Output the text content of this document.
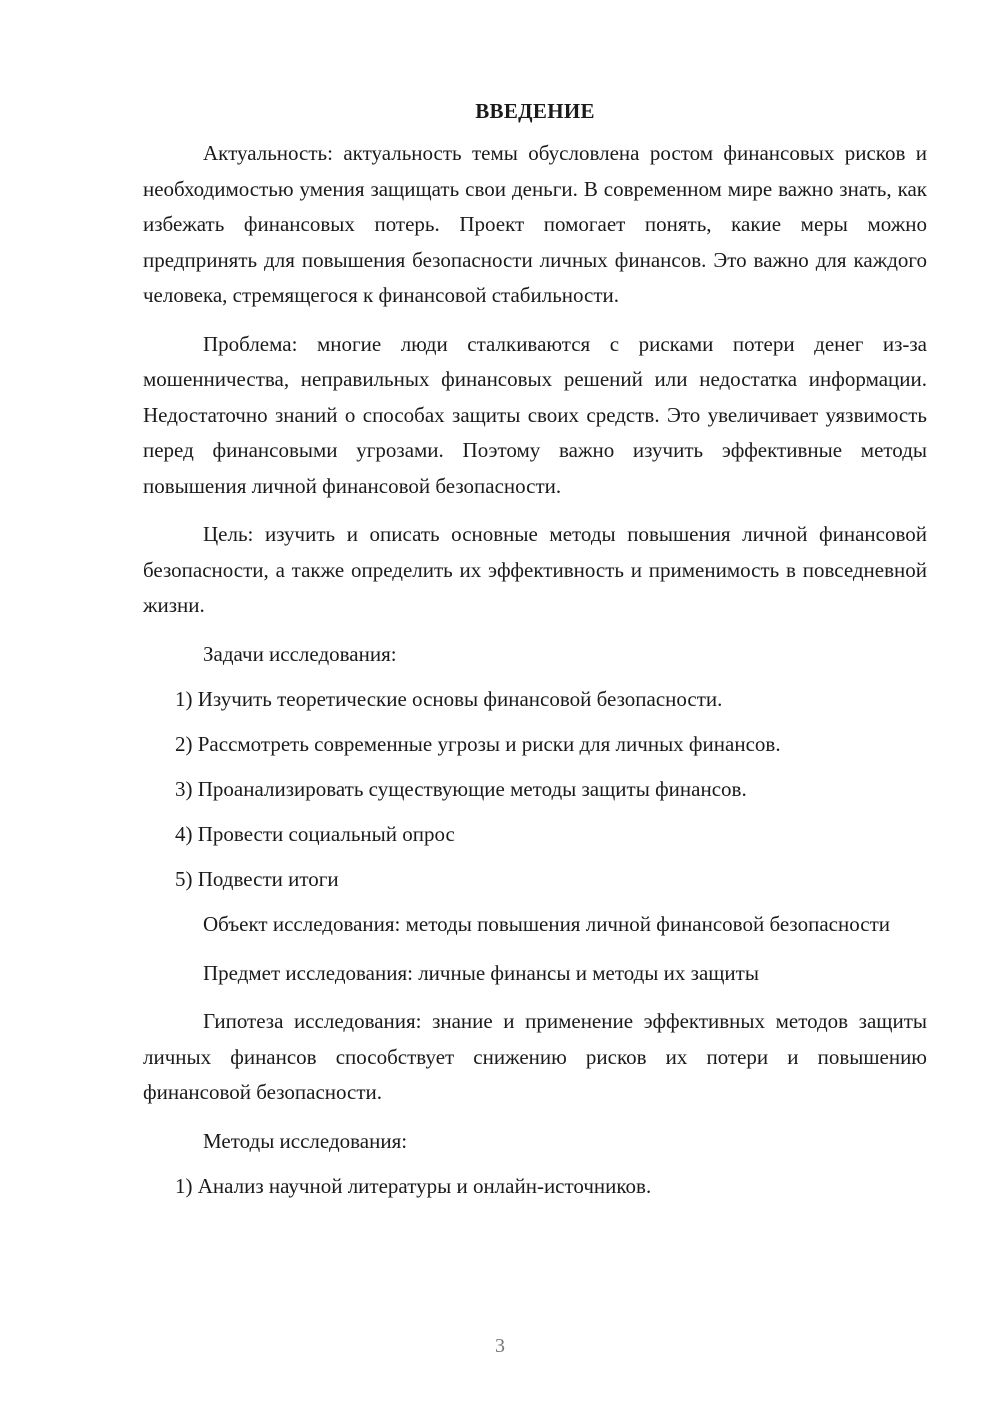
ВВЕДЕНИЕ

Актуальность: актуальность темы обусловлена ростом финансовых рисков и необходимостью умения защищать свои деньги. В современном мире важно знать, как избежать финансовых потерь. Проект помогает понять, какие меры можно предпринять для повышения безопасности личных финансов. Это важно для каждого человека, стремящегося к финансовой стабильности.

Проблема: многие люди сталкиваются с рисками потери денег из-за мошенничества, неправильных финансовых решений или недостатка информации. Недостаточно знаний о способах защиты своих средств. Это увеличивает уязвимость перед финансовыми угрозами. Поэтому важно изучить эффективные методы повышения личной финансовой безопасности.

Цель: изучить и описать основные методы повышения личной финансовой безопасности, а также определить их эффективность и применимость в повседневной жизни.

Задачи исследования:

1) Изучить теоретические основы финансовой безопасности.
2) Рассмотреть современные угрозы и риски для личных финансов.
3) Проанализировать существующие методы защиты финансов.
4) Провести социальный опрос
5) Подвести итоги

Объект исследования: методы повышения личной финансовой безопасности

Предмет исследования: личные финансы и методы их защиты

Гипотеза исследования: знание и применение эффективных методов защиты личных финансов способствует снижению рисков их потери и повышению финансовой безопасности.

Методы исследования:

1) Анализ научной литературы и онлайн-источников.
3
